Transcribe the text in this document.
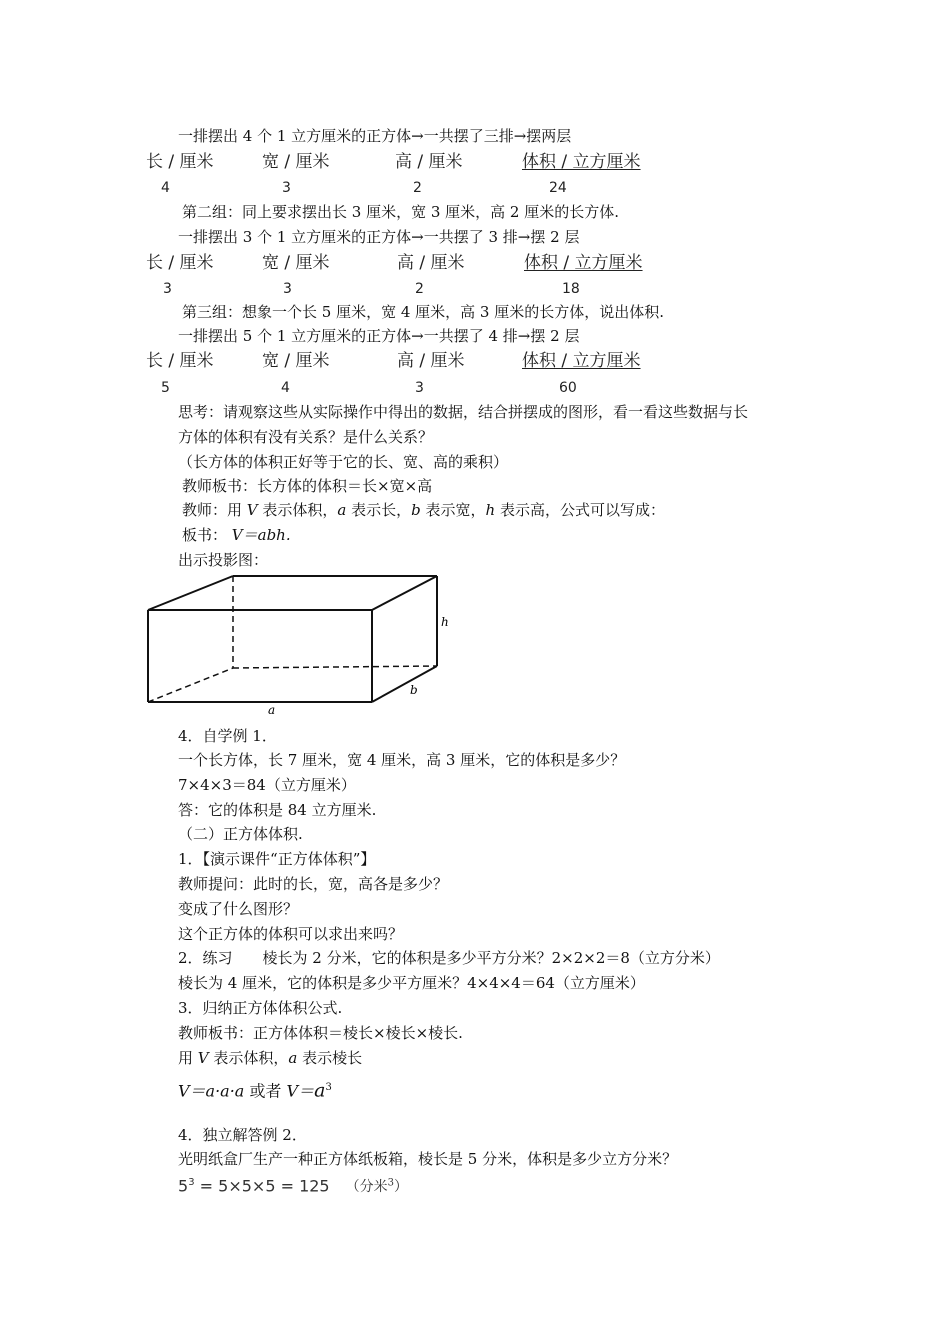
一排摆出 4 个 1 立方厘米的正方体→一共摆了三排→摆两层
长 / 厘米	宽 / 厘米	高 / 厘米	体积 / 立方厘米
4	3	2	24
第二组：同上要求摆出长 3 厘米，宽 3 厘米，高 2 厘米的长方体.
一排摆出 3 个 1 立方厘米的正方体→一共摆了 3 排→摆 2 层
长 / 厘米	宽 / 厘米	高 / 厘米	体积 / 立方厘米
3	3	2	18
第三组：想象一个长 5 厘米，宽 4 厘米，高 3 厘米的长方体，说出体积.
一排摆出 5 个 1 立方厘米的正方体→一共摆了 4 排→摆 2 层
长 / 厘米	宽 / 厘米	高 / 厘米	体积 / 立方厘米
5	4	3	60
思考：请观察这些从实际操作中得出的数据，结合拼摆成的图形，看一看这些数据与长
方体的体积有没有关系？是什么关系？
（长方体的体积正好等于它的长、宽、高的乘积）
教师板书：长方体的体积＝长×宽×高
教师：用 V 表示体积，a 表示长，b 表示宽，h 表示高，公式可以写成：
板书： V＝abh.
出示投影图：
h
b
a
4．自学例 1．
一个长方体，长 7 厘米，宽 4 厘米，高 3 厘米，它的体积是多少？
7×4×3＝84（立方厘米）
答：它的体积是 84 立方厘米.
（二）正方体体积.
1．【演示课件“正方体体积”】
教师提问：此时的长，宽，高各是多少？
变成了什么图形？
这个正方体的体积可以求出来吗？
2．练习　　棱长为 2 分米，它的体积是多少平方分米？2×2×2＝8（立方分米）
棱长为 4 厘米，它的体积是多少平方厘米？4×4×4＝64（立方厘米）
3．归纳正方体体积公式.
教师板书：正方体体积＝棱长×棱长×棱长.
用 V 表示体积，a 表示棱长
V＝a·a·a 或者 $V=a^3$
4．独立解答例 2．
光明纸盒厂生产一种正方体纸板箱，棱长是 5 分米，体积是多少立方分米？
$5^3 = 5\times 5\times 5 = 125$ （分米$^3$）
